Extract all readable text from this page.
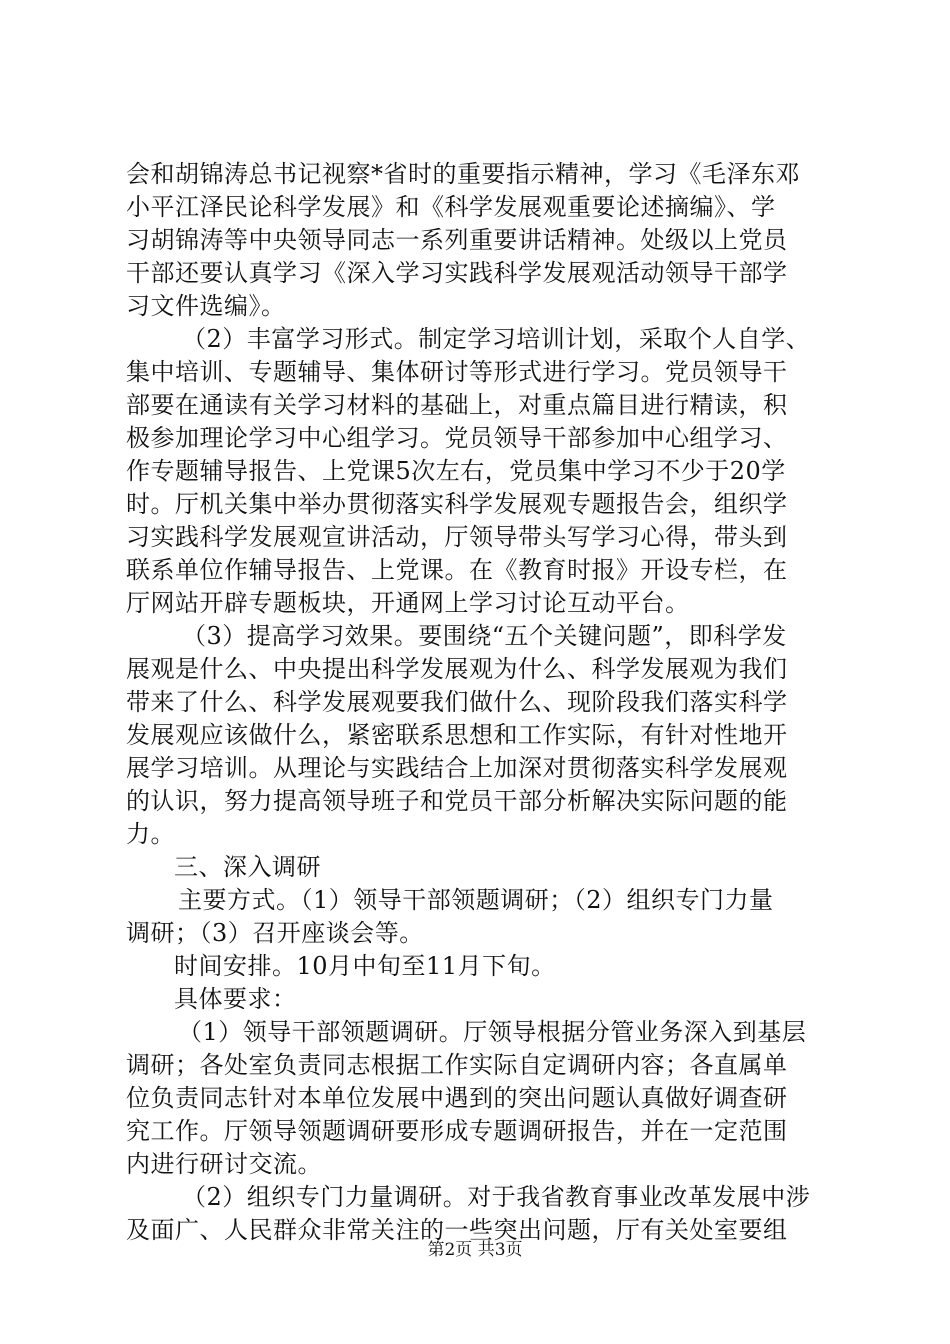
会和胡锦涛总书记视察*省时的重要指示精神，学习《毛泽东邓
小平江泽民论科学发展》和《科学发展观重要论述摘编》、学
习胡锦涛等中央领导同志一系列重要讲话精神。处级以上党员
干部还要认真学习《深入学习实践科学发展观活动领导干部学
习文件选编》。
（2）丰富学习形式。制定学习培训计划，采取个人自学、
集中培训、专题辅导、集体研讨等形式进行学习。党员领导干
部要在通读有关学习材料的基础上，对重点篇目进行精读，积
极参加理论学习中心组学习。党员领导干部参加中心组学习、
作专题辅导报告、上党课5次左右，党员集中学习不少于20学
时。厅机关集中举办贯彻落实科学发展观专题报告会，组织学
习实践科学发展观宣讲活动，厅领导带头写学习心得，带头到
联系单位作辅导报告、上党课。在《教育时报》开设专栏，在
厅网站开辟专题板块，开通网上学习讨论互动平台。
（3）提高学习效果。要围绕“五个关键问题”，即科学发
展观是什么、中央提出科学发展观为什么、科学发展观为我们
带来了什么、科学发展观要我们做什么、现阶段我们落实科学
发展观应该做什么，紧密联系思想和工作实际，有针对性地开
展学习培训。从理论与实践结合上加深对贯彻落实科学发展观
的认识，努力提高领导班子和党员干部分析解决实际问题的能
力。
三、深入调研
主要方式。（1）领导干部领题调研；（2）组织专门力量
调研；（3）召开座谈会等。
时间安排。10月中旬至11月下旬。
具体要求：
（1）领导干部领题调研。厅领导根据分管业务深入到基层
调研；各处室负责同志根据工作实际自定调研内容；各直属单
位负责同志针对本单位发展中遇到的突出问题认真做好调查研
究工作。厅领导领题调研要形成专题调研报告，并在一定范围
内进行研讨交流。
（2）组织专门力量调研。对于我省教育事业改革发展中涉
及面广、人民群众非常关注的一些突出问题，厅有关处室要组
第2页 共3页
